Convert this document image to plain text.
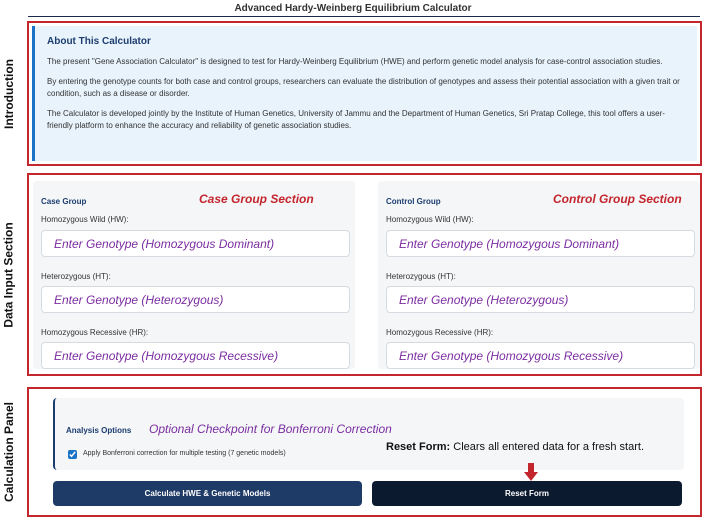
Advanced Hardy-Weinberg Equilibrium Calculator
Introduction
Data Input Section
Calculation Panel
About This Calculator

The present "Gene Association Calculator" is designed to test for Hardy-Weinberg Equilibrium (HWE) and perform genetic model analysis for case-control association studies.

By entering the genotype counts for both case and control groups, researchers can evaluate the distribution of genotypes and assess their potential association with a given trait or condition, such as a disease or disorder.

The Calculator is developed jointly by the Institute of Human Genetics, University of Jammu and the Department of Human Genetics, Sri Pratap College, this tool offers a user-friendly platform to enhance the accuracy and reliability of genetic association studies.

Case Group	Case Group Section
Homozygous Wild (HW):
Enter Genotype (Homozygous Dominant)
Heterozygous (HT):
Enter Genotype (Heterozygous)
Homozygous Recessive (HR):
Enter Genotype (Homozygous Recessive)
Control Group	Control Group Section
Homozygous Wild (HW):
Enter Genotype (Homozygous Dominant)
Heterozygous (HT):
Enter Genotype (Heterozygous)
Homozygous Recessive (HR):
Enter Genotype (Homozygous Recessive)
Analysis Options Optional Checkpoint for Bonferroni Correction
Apply Bonferroni correction for multiple testing (7 genetic models)
Reset Form: Clears all entered data for a fresh start.
Calculate HWE & Genetic Models	Reset Form
